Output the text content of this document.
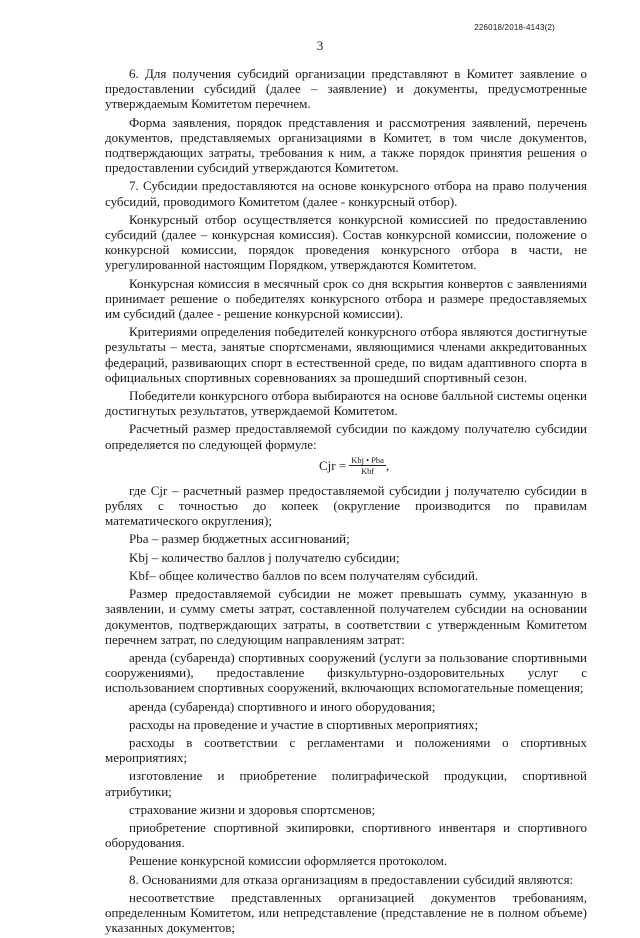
226018/2018-4143(2)
3

6. Для получения субсидий организации представляют в Комитет заявление о предоставлении субсидий (далее – заявление) и документы, предусмотренные утверждаемым Комитетом перечнем.

Форма заявления, порядок представления и рассмотрения заявлений, перечень документов, представляемых организациями в Комитет, в том числе документов, подтверждающих затраты, требования к ним, а также порядок принятия решения о предоставлении субсидий утверждаются Комитетом.

7. Субсидии предоставляются на основе конкурсного отбора на право получения субсидий, проводимого Комитетом (далее - конкурсный отбор).

Конкурсный отбор осуществляется конкурсной комиссией по предоставлению субсидий (далее – конкурсная комиссия). Состав конкурсной комиссии, положение о конкурсной комиссии, порядок проведения конкурсного отбора в части, не урегулированной настоящим Порядком, утверждаются Комитетом.

Конкурсная комиссия в месячный срок со дня вскрытия конвертов с заявлениями принимает решение о победителях конкурсного отбора и размере предоставляемых им субсидий (далее - решение конкурсной комиссии).

Критериями определения победителей конкурсного отбора являются достигнутые результаты – места, занятые спортсменами, являющимися членами аккредитованных федераций, развивающих спорт в естественной среде, по видам адаптивного спорта в официальных спортивных соревнованиях за прошедший спортивный сезон.

Победители конкурсного отбора выбираются на основе балльной системы оценки достигнутых результатов, утверждаемой Комитетом.

Расчетный размер предоставляемой субсидии по каждому получателю субсидии определяется по следующей формуле:

Cjr = $\frac{\text{Kbj • Pba}}{\text{Kbf}}$ ,

где Cjr – расчетный размер предоставляемой субсидии j получателю субсидии в рублях с точностью до копеек (округление производится по правилам математического округления);

Pba – размер бюджетных ассигнований;

Kbj – количество баллов j получателю субсидии;

Kbf– общее количество баллов по всем получателям субсидий.

Размер предоставляемой субсидии не может превышать сумму, указанную в заявлении, и сумму сметы затрат, составленной получателем субсидии на основании документов, подтверждающих затраты, в соответствии с утвержденным Комитетом перечнем затрат, по следующим направлениям затрат:

аренда (субаренда) спортивных сооружений (услуги за пользование спортивными сооружениями), предоставление физкультурно-оздоровительных услуг с использованием спортивных сооружений, включающих вспомогательные помещения;

аренда (субаренда) спортивного и иного оборудования;

расходы на проведение и участие в спортивных мероприятиях;

расходы в соответствии с регламентами и положениями о спортивных мероприятиях;

изготовление и приобретение полиграфической продукции, спортивной атрибутики;

страхование жизни и здоровья спортсменов;

приобретение спортивной экипировки, спортивного инвентаря и спортивного оборудования.

Решение конкурсной комиссии оформляется протоколом.

8. Основаниями для отказа организациям в предоставлении субсидий являются:

несоответствие представленных организацией документов требованиям, определенным Комитетом, или непредставление (представление не в полном объеме) указанных документов;
